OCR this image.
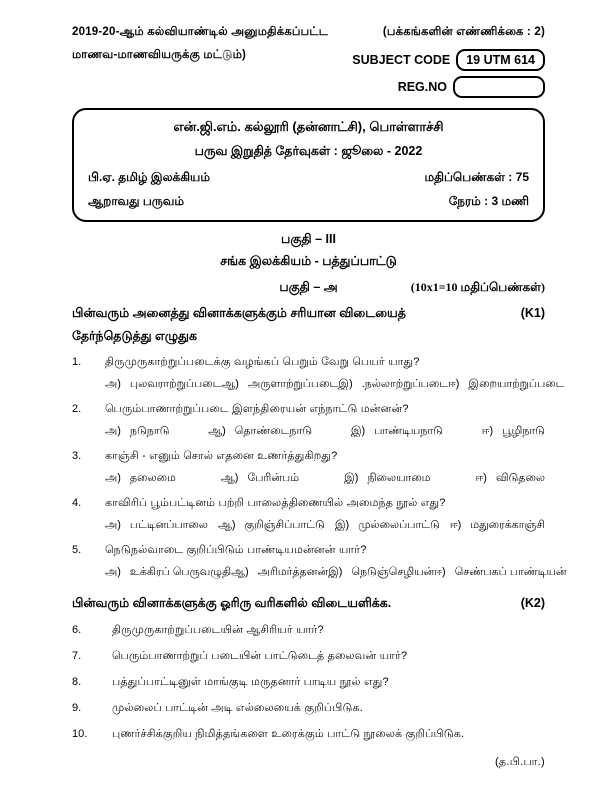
2019-20-ஆம் கல்வியாண்டில் அனுமதிக்கப்பட்ட	(பக்கங்களின் எண்ணிக்கை : 2)
மாணவ-மாணவியருக்கு மட்டும்)	SUBJECT CODE	19 UTM 614
REG.NO
என்.ஜி.எம். கல்லூரி (தன்னாட்சி), பொள்ளாச்சி
பருவ இறுதித் தேர்வுகள் : ஜூலை - 2022
பி.ஏ. தமிழ் இலக்கியம்	மதிப்பெண்கள் : 75
ஆறாவது பருவம்	நேரம் : 3 மணி
பகுதி – III
சங்க இலக்கியம் - பத்துப்பாட்டு
பகுதி – அ	(10x1=10 மதிப்பெண்கள்)
பின்வரும் அனைத்து வினாக்களுக்கும் சரியான விடையைத்	(K1)
தேர்ந்தெடுத்து எழுதுக
1.	திருமுருகாற்றுப்படைக்கு வழங்கப் பெறும் வேறு பெயர் யாது?
அ) புலவராற்றுப்படை ஆ) அருளாற்றுப்படை இ) .நல்லாற்றுப்படை ஈ) இறையாற்றுப்படை
2.	பெரும்பாணாற்றுப்படை இளந்திரையன் எந்நாட்டு மன்னன்?
அ) நடுநாடு	ஆ) தொண்டைநாடு	இ) பாண்டியநாடு	ஈ) பூழிநாடு
3.	காஞ்சி - எனும் சொல் எதனை உணர்த்துகிறது?
அ) தலைமை	ஆ) பேரின்பம்	இ) நிலையாமை	ஈ) விடுதலை
4.	காவிரிப் பூம்பட்டினம் பற்றி பாலைத்திணையில் அமைந்த நூல் எது?
அ) பட்டினப்பாலை ஆ) குறிஞ்சிப்பாட்டு இ) முல்லைப்பாட்டு ஈ) மதுரைக்காஞ்சி
5.	நெடுநல்வாடை குறிப்பிடும் பாண்டியமன்னன் யார்?
அ) உக்கிரப் பெருவழுதி ஆ) அரிமர்த்தனன் இ) நெடுஞ்செழியன் ஈ) செண்பகப் பாண்டியன்
பின்வரும் வினாக்களுக்கு ஓரிரு வரிகளில் விடையளிக்க.	(K2)
6.	திருமுருகாற்றுப்படையின் ஆசிரியர் யார்?
7.	பெரும்பாணாற்றுப் படையின் பாட்டுடைத் தலைவன் யார்?
8.	பத்துப்பாட்டினுள் மாங்குடி மருதனார் பாடிய நூல் எது?
9.	முல்லைப் பாட்டின் அடி எல்லையைக் குறிப்பிடுக.
10.	புணர்ச்சிக்குறிய நிமித்தங்களை உரைக்கும் பாட்டு நூலைக் குறிப்பிடுக.
(த.பி.பா.)
